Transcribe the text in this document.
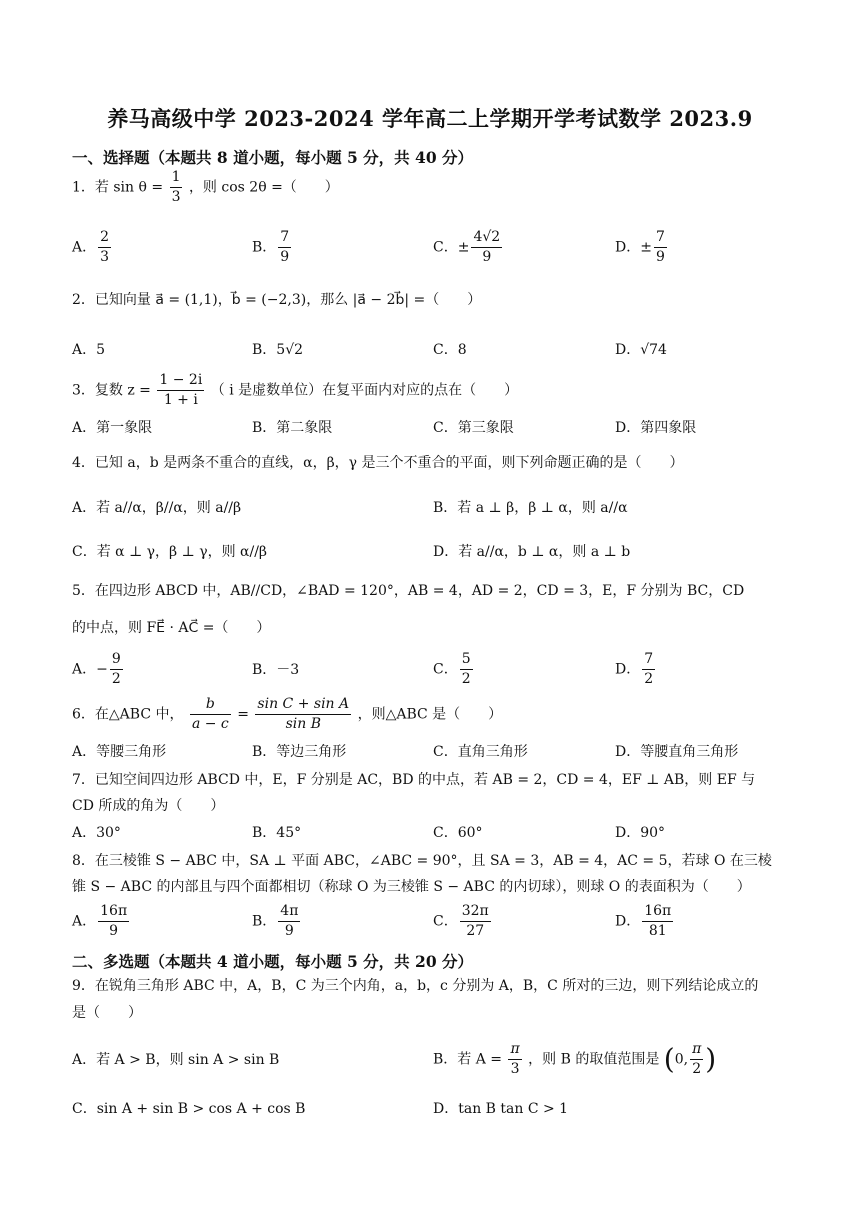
养马高级中学 2023-2024 学年高二上学期开学考试数学 2023.9
一、选择题（本题共 8 道小题，每小题 5 分，共 40 分）
1．若 $\sin \theta = \frac{1}{3}$ ，则 cos 2θ =（　　）
A． $\frac{2}{3}$	B． $\frac{7}{9}$	C．± $\frac{4√2}{9}$	D．± $\frac{7}{9}$
2．已知向量 a⃗ = (1,1)，b⃗ = (−2,3)，那么 |a⃗ − 2b⃗| =（　　）
A．5	B．5√2	C．8	D．√74
3．复数 $z = \frac{1 - 2i}{1 + i}$ （ i 是虚数单位）在复平面内对应的点在（　　）
A．第一象限	B．第二象限	C．第三象限	D．第四象限
4．已知 a，b 是两条不重合的直线，α，β，γ 是三个不重合的平面，则下列命题正确的是（　　）
A．若 a//α，β//α，则 a//β	B．若 a ⊥ β，β ⊥ α，则 a//α
C．若 α ⊥ γ，β ⊥ γ，则 α//β	D．若 a//α，b ⊥ α，则 a ⊥ b
5．在四边形 ABCD 中，AB//CD，∠BAD = 120°，AB = 4，AD = 2，CD = 3，E，F 分别为 BC，CD
的中点，则 FE⃗ · AC⃗ =（　　）
A．− $\frac{9}{2}$	B．－3	C． $\frac{5}{2}$	D． $\frac{7}{2}$
6．在△ABC 中， $\frac{b}{a - c} = \frac{\text{sin C + sin A}}{\text{sin B}}$ ，则△ABC 是（　　）
A．等腰三角形	B．等边三角形	C．直角三角形	D．等腰直角三角形
7．已知空间四边形 ABCD 中，E，F 分别是 AC，BD 的中点，若 AB = 2，CD = 4，EF ⊥ AB，则 EF 与
CD 所成的角为（　　）
A．30°	B．45°	C．60°	D．90°
8．在三棱锥 S − ABC 中，SA ⊥ 平面 ABC，∠ABC = 90°，且 SA = 3，AB = 4，AC = 5，若球 O 在三棱
锥 S − ABC 的内部且与四个面都相切（称球 O 为三棱锥 S − ABC 的内切球），则球 O 的表面积为（　　）
A． $\frac{16\pi}{9}$	B． $\frac{4\pi}{9}$	C． $\frac{32\pi}{27}$	D． $\frac{16\pi}{81}$
二、多选题（本题共 4 道小题，每小题 5 分，共 20 分）
9．在锐角三角形 ABC 中，A，B，C 为三个内角，a，b，c 分别为 A，B，C 所对的三边，则下列结论成立的
是（　　）
A．若 A > B，则 sin A > sin B	B．若 $A = \frac{\pi}{3}$ ，则 B 的取值范围是 (0, $\frac{\pi}{2}$ )
C．sin A + sin B > cos A + cos B	D．tan B tan C > 1
